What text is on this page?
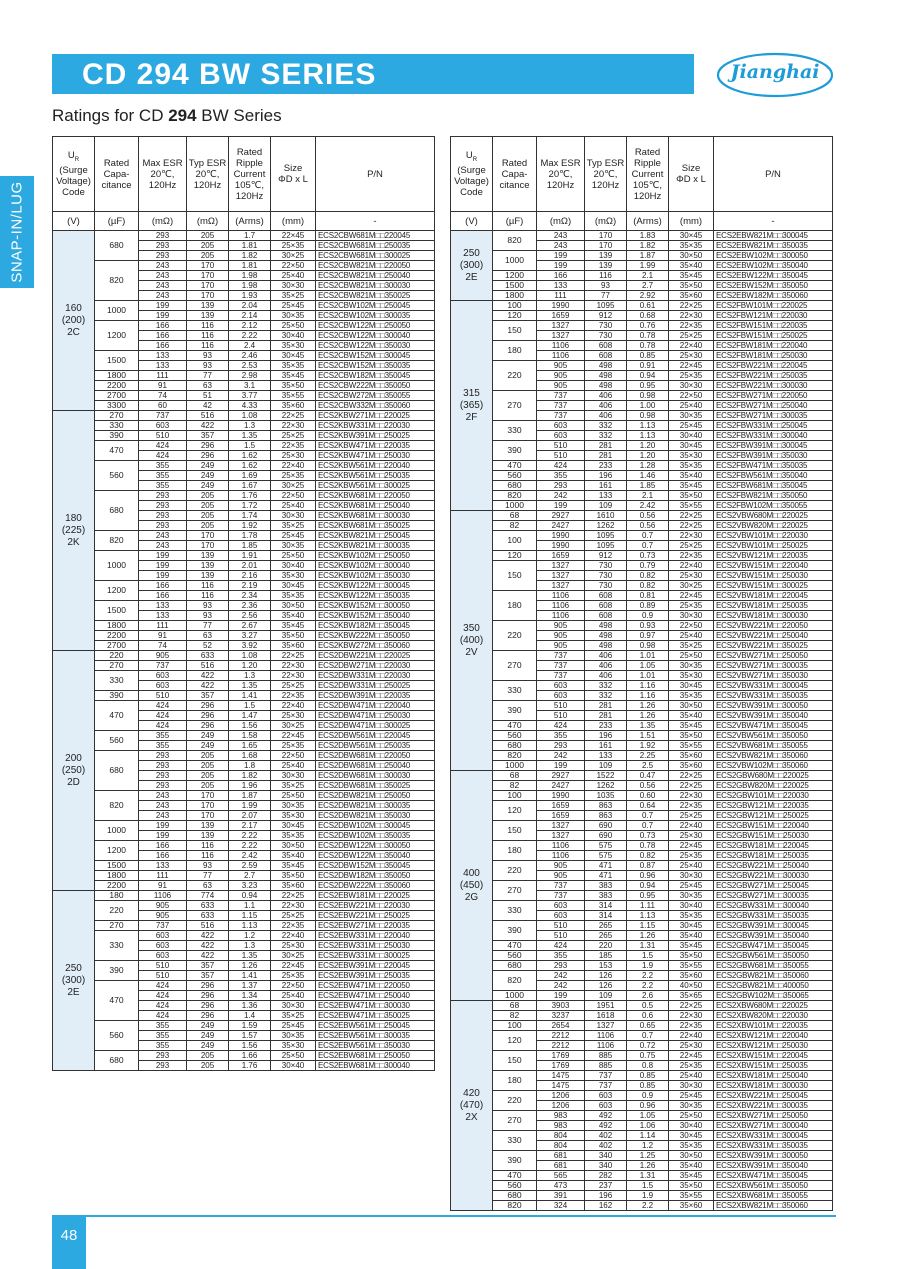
CD 294 BW SERIES	Jianghai
Ratings for CD 294 BW Series
SNAP-IN/LUG
$U_R$
(Surge
Voltage)
Code	Rated
Capa-
citance	Max ESR
20℃,
120Hz	Typ ESR
20℃,
120Hz	Rated
Ripple
Current
105℃,
120Hz	Size
ΦD x L	P/N
(V)	(µF)	(mΩ)	(mΩ)	(Arms)	(mm)	-
160
(200)
2C	680	293	205	1.7	22×45	ECS2CBW681M□□220045
		293	205	1.81	25×35	ECS2CBW681M□□250035
		293	205	1.82	30×25	ECS2CBW681M□□300025
	820	243	170	1.81	22×50	ECS2CBW821M□□220050
		243	170	1.98	25×40	ECS2CBW821M□□250040
		243	170	1.98	30×30	ECS2CBW821M□□300030
		243	170	1.93	35×25	ECS2CBW821M□□350025
	1000	199	139	2.04	25×45	ECS2CBW102M□□250045
		199	139	2.14	30×35	ECS2CBW102M□□300035
	1200	166	116	2.12	25×50	ECS2CBW122M□□250050
		166	116	2.22	30×40	ECS2CBW122M□□300040
		166	116	2.4	35×30	ECS2CBW122M□□350030
	1500	133	93	2.46	30×45	ECS2CBW152M□□300045
		133	93	2.53	35×35	ECS2CBW152M□□350035
	1800	111	77	2.98	35×45	ECS2CBW182M□□350045
	2200	91	63	3.1	35×50	ECS2CBW222M□□350050
	2700	74	51	3.77	35×55	ECS2CBW272M□□350055
	3300	60	42	4.33	35×60	ECS2CBW332M□□350060
180
(225)
2K	270	737	516	1.08	22×25	ECS2KBW271M□□220025
	330	603	422	1.3	22×30	ECS2KBW331M□□220030
	390	510	357	1.35	25×25	ECS2KBW391M□□250025
	470	424	296	1.5	22×35	ECS2KBW471M□□220035
		424	296	1.62	25×30	ECS2KBW471M□□250030
	560	355	249	1.62	22×40	ECS2KBW561M□□220040
		355	249	1.69	25×35	ECS2KBW561M□□250035
		355	249	1.67	30×25	ECS2KBW561M□□300025
	680	293	205	1.76	22×50	ECS2KBW681M□□220050
		293	205	1.72	25×40	ECS2KBW681M□□250040
		293	205	1.74	30×30	ECS2KBW681M□□300030
		293	205	1.92	35×25	ECS2KBW681M□□350025
	820	243	170	1.78	25×45	ECS2KBW821M□□250045
		243	170	1.85	30×35	ECS2KBW821M□□300035
	1000	199	139	1.91	25×50	ECS2KBW102M□□250050
		199	139	2.01	30×40	ECS2KBW102M□□300040
		199	139	2.16	35×30	ECS2KBW102M□□350030
	1200	166	116	2.19	30×45	ECS2KBW122M□□300045
		166	116	2.34	35×35	ECS2KBW122M□□350035
	1500	133	93	2.36	30×50	ECS2KBW152M□□300050
		133	93	2.56	35×40	ECS2KBW152M□□350040
	1800	111	77	2.67	35×45	ECS2KBW182M□□350045
	2200	91	63	3.27	35×50	ECS2KBW222M□□350050
	2700	74	52	3.92	35×60	ECS2KBW272M□□350060
200
(250)
2D	220	905	633	1.08	22×25	ECS2DBW221M□□220025
	270	737	516	1.20	22×30	ECS2DBW271M□□220030
	330	603	422	1.3	22×30	ECS2DBW331M□□220030
		603	422	1.35	25×25	ECS2DBW331M□□250025
	390	510	357	1.41	22×35	ECS2DBW391M□□220035
	470	424	296	1.5	22×40	ECS2DBW471M□□220040
		424	296	1.47	25×30	ECS2DBW471M□□250030
		424	296	1.56	30×25	ECS2DBW471M□□300025
	560	355	249	1.58	22×45	ECS2DBW561M□□220045
		355	249	1.65	25×35	ECS2DBW561M□□250035
	680	293	205	1.68	22×50	ECS2DBW681M□□220050
		293	205	1.8	25×40	ECS2DBW681M□□250040
		293	205	1.82	30×30	ECS2DBW681M□□300030
		293	205	1.96	35×25	ECS2DBW681M□□350025
	820	243	170	1.87	25×50	ECS2DBW821M□□250050
		243	170	1.99	30×35	ECS2DBW821M□□300035
		243	170	2.07	35×30	ECS2DBW821M□□350030
	1000	199	139	2.17	30×45	ECS2DBW102M□□300045
		199	139	2.22	35×35	ECS2DBW102M□□350035
	1200	166	116	2.22	30×50	ECS2DBW122M□□300050
		166	116	2.42	35×40	ECS2DBW122M□□350040
	1500	133	93	2.59	35×45	ECS2DBW152M□□350045
	1800	111	77	2.7	35×50	ECS2DBW182M□□350050
	2200	91	63	3.23	35×60	ECS2DBW222M□□350060
250
(300)
2E	180	1106	774	0.94	22×25	ECS2EBW181M□□220025
	220	905	633	1.1	22×30	ECS2EBW221M□□220030
		905	633	1.15	25×25	ECS2EBW221M□□250025
	270	737	516	1.13	22×35	ECS2EBW271M□□220035
	330	603	422	1.2	22×40	ECS2EBW331M□□220040
		603	422	1.3	25×30	ECS2EBW331M□□250030
		603	422	1.35	30×25	ECS2EBW331M□□300025
	390	510	357	1.26	22×45	ECS2EBW391M□□220045
		510	357	1.41	25×35	ECS2EBW391M□□250035
	470	424	296	1.37	22×50	ECS2EBW471M□□220050
		424	296	1.34	25×40	ECS2EBW471M□□250040
		424	296	1.36	30×30	ECS2EBW471M□□300030
		424	296	1.4	35×25	ECS2EBW471M□□350025
	560	355	249	1.59	25×45	ECS2EBW561M□□250045
		355	249	1.57	30×35	ECS2EBW561M□□300035
		355	249	1.56	35×30	ECS2EBW561M□□350030
	680	293	205	1.66	25×50	ECS2EBW681M□□250050
		293	205	1.76	30×40	ECS2EBW681M□□300040
$U_R$
(Surge
Voltage)
Code	Rated
Capa-
citance	Max ESR
20℃,
120Hz	Typ ESR
20℃,
120Hz	Rated
Ripple
Current
105℃,
120Hz	Size
ΦD x L	P/N
(V)	(µF)	(mΩ)	(mΩ)	(Arms)	(mm)	-
250
(300)
2E	820	243	170	1.83	30×45	ECS2EBW821M□□300045
		243	170	1.82	35×35	ECS2EBW821M□□350035
	1000	199	139	1.87	30×50	ECS2EBW102M□□300050
		199	139	1.99	35×40	ECS2EBW102M□□350040
	1200	166	116	2.1	35×45	ECS2EBW122M□□350045
	1500	133	93	2.7	35×50	ECS2EBW152M□□350050
	1800	111	77	2.92	35×60	ECS2EBW182M□□350060
315
(365)
2F	100	1990	1095	0.61	22×25	ECS2FBW101M□□220025
	120	1659	912	0.68	22×30	ECS2FBW121M□□220030
	150	1327	730	0.76	22×35	ECS2FBW151M□□220035
		1327	730	0.78	25×25	ECS2FBW151M□□250025
	180	1106	608	0.78	22×40	ECS2FBW181M□□220040
		1106	608	0.85	25×30	ECS2FBW181M□□250030
	220	905	498	0.91	22×45	ECS2FBW221M□□220045
		905	498	0.94	25×35	ECS2FBW221M□□250035
		905	498	0.95	30×30	ECS2FBW221M□□300030
	270	737	406	0.98	22×50	ECS2FBW271M□□220050
		737	406	1.00	25×40	ECS2FBW271M□□250040
		737	406	0.98	30×35	ECS2FBW271M□□300035
	330	603	332	1.13	25×45	ECS2FBW331M□□250045
		603	332	1.13	30×40	ECS2FBW331M□□300040
	390	510	281	1.20	30×45	ECS2FBW391M□□300045
		510	281	1.20	35×30	ECS2FBW391M□□350030
	470	424	233	1.28	35×35	ECS2FBW471M□□350035
	560	355	196	1.46	35×40	ECS2FBW561M□□350040
	680	293	161	1.85	35×45	ECS2FBW681M□□350045
	820	242	133	2.1	35×50	ECS2FBW821M□□350050
	1000	199	109	2.42	35×55	ECS2FBW102M□□350055
350
(400)
2V	68	2927	1610	0.56	22×25	ECS2VBW680M□□220025
	82	2427	1262	0.56	22×25	ECS2VBW820M□□220025
	100	1990	1095	0.7	22×30	ECS2VBW101M□□220030
		1990	1095	0.7	25×25	ECS2VBW101M□□250025
	120	1659	912	0.73	22×35	ECS2VBW121M□□220035
	150	1327	730	0.79	22×40	ECS2VBW151M□□220040
		1327	730	0.82	25×30	ECS2VBW151M□□250030
		1327	730	0.82	30×25	ECS2VBW151M□□300025
	180	1106	608	0.81	22×45	ECS2VBW181M□□220045
		1106	608	0.89	25×35	ECS2VBW181M□□250035
		1106	608	0.9	30×30	ECS2VBW181M□□300030
	220	905	498	0.93	22×50	ECS2VBW221M□□220050
		905	498	0.97	25×40	ECS2VBW221M□□250040
		905	498	0.98	35×25	ECS2VBW221M□□350025
	270	737	406	1.01	25×50	ECS2VBW271M□□250050
		737	406	1.05	30×35	ECS2VBW271M□□300035
		737	406	1.01	35×30	ECS2VBW271M□□350030
	330	603	332	1.16	30×45	ECS2VBW331M□□300045
		603	332	1.16	35×35	ECS2VBW331M□□350035
	390	510	281	1.26	30×50	ECS2VBW391M□□300050
		510	281	1.26	35×40	ECS2VBW391M□□350040
	470	424	233	1.35	35×45	ECS2VBW471M□□350045
	560	355	196	1.51	35×50	ECS2VBW561M□□350050
	680	293	161	1.92	35×55	ECS2VBW681M□□350055
	820	242	133	2.25	35×60	ECS2VBW821M□□350060
	1000	199	109	2.5	35×60	ECS2VBW102M□□350060
400
(450)
2G	68	2927	1522	0.47	22×25	ECS2GBW680M□□220025
	82	2427	1262	0.56	22×25	ECS2GBW820M□□220025
	100	1990	1035	0.60	22×30	ECS2GBW101M□□220030
	120	1659	863	0.64	22×35	ECS2GBW121M□□220035
		1659	863	0.7	25×25	ECS2GBW121M□□250025
	150	1327	690	0.7	22×40	ECS2GBW151M□□220040
		1327	690	0.73	25×30	ECS2GBW151M□□250030
	180	1106	575	0.78	22×45	ECS2GBW181M□□220045
		1106	575	0.82	25×35	ECS2GBW181M□□250035
	220	905	471	0.87	25×40	ECS2GBW221M□□250040
		905	471	0.96	30×30	ECS2GBW221M□□300030
	270	737	383	0.94	25×45	ECS2GBW271M□□250045
		737	383	0.95	30×35	ECS2GBW271M□□300035
	330	603	314	1.11	30×40	ECS2GBW331M□□300040
		603	314	1.13	35×35	ECS2GBW331M□□350035
	390	510	265	1.15	30×45	ECS2GBW391M□□300045
		510	265	1.26	35×40	ECS2GBW391M□□350040
	470	424	220	1.31	35×45	ECS2GBW471M□□350045
	560	355	185	1.5	35×50	ECS2GBW561M□□350050
	680	293	153	1.9	35×55	ECS2GBW681M□□350055
	820	242	126	2.2	35×60	ECS2GBW821M□□350060
		242	126	2.2	40×50	ECS2GBW821M□□400050
	1000	199	109	2.6	35×65	ECS2GBW102M□□350065
420
(470)
2X	68	3903	1951	0.5	22×25	ECS2XBW680M□□220025
	82	3237	1618	0.6	22×30	ECS2XBW820M□□220030
	100	2654	1327	0.65	22×35	ECS2XBW101M□□220035
	120	2212	1106	0.7	22×40	ECS2XBW121M□□220040
		2212	1106	0.72	25×30	ECS2XBW121M□□250030
	150	1769	885	0.75	22×45	ECS2XBW151M□□220045
		1769	885	0.8	25×35	ECS2XBW151M□□250035
	180	1475	737	0.85	25×40	ECS2XBW181M□□250040
		1475	737	0.85	30×30	ECS2XBW181M□□300030
	220	1206	603	0.9	25×45	ECS2XBW221M□□250045
		1206	603	0.96	30×35	ECS2XBW221M□□300035
	270	983	492	1.05	25×50	ECS2XBW271M□□250050
		983	492	1.06	30×40	ECS2XBW271M□□300040
	330	804	402	1.14	30×45	ECS2XBW331M□□300045
		804	402	1.2	35×35	ECS2XBW331M□□350035
	390	681	340	1.25	30×50	ECS2XBW391M□□300050
		681	340	1.26	35×40	ECS2XBW391M□□350040
	470	565	282	1.31	35×45	ECS2XBW471M□□350045
	560	473	237	1.5	35×50	ECS2XBW561M□□350050
	680	391	196	1.9	35×55	ECS2XBW681M□□350055
	820	324	162	2.2	35×60	ECS2XBW821M□□350060
48
